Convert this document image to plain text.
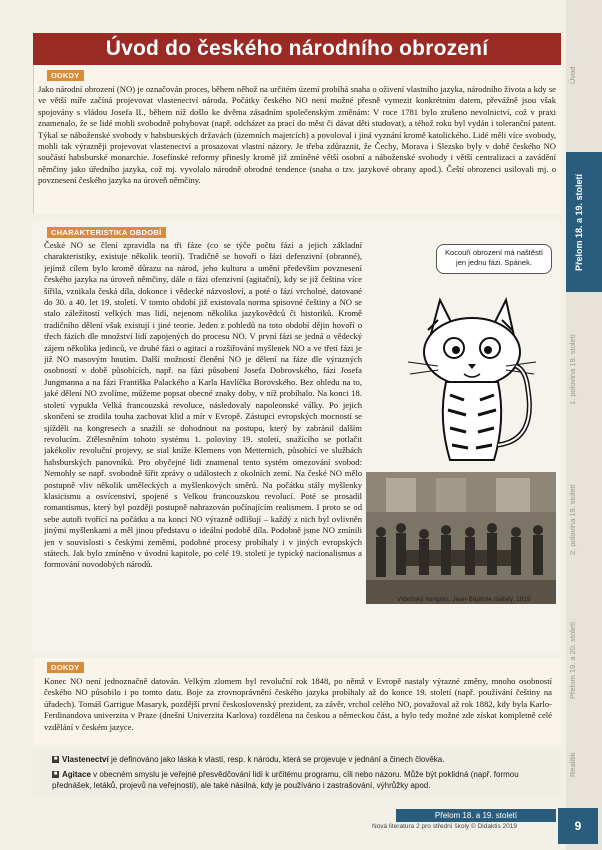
Úvod do českého národního obrození
ODKDY
Jako národní obrození (NO) je označován proces, během něhož na určitém území probíhá snaha o oživení vlastního jazyka, národního života a kdy se ve větší míře začíná projevovat vlastenectví národa. Počátky českého NO není možné přesně vymezit konkrétním datem, převážně jsou však spojovány s vládou Josefa II., během níž došlo ke dvěma zásadním společenským změnám: V roce 1781 bylo zrušeno nevolnictví, což v praxi znamenalo, že se lidé mohli svobodně pohybovat (např. odcházet za prací do měst či dávat děti studovat), a téhož roku byl vydán i toleranční patent. Týkal se náboženské svobody v habsburských državách (územních majetcích) a povoloval i jiná vyznání kromě katolického. Lidé měli více svobody, mohli tak výrazněji projevovat vlastenectví a prosazovat vlastní názory. Je třeba zdůraznit, že Čechy, Morava i Slezsko byly v době českého NO součástí habsburské monarchie. Josefínské reformy přinesly kromě již zmíněné větší osobní a náboženské svobody i větší centralizaci a zavádění němčiny jako úředního jazyka, což mj. vyvolalo národně obrodné tendence (snaha o tzv. jazykové obrany apod.). Čeští obrozenci usilovali mj. o povznesení českého jazyka na úroveň němčiny.
CHARAKTERISTIKA OBDOBÍ
České NO se člení zpravidla na tři fáze (co se týče počtu fází a jejich základní charakteristiky, existuje několik teorií). Tradičně se hovoří o fázi defenzivní (obranné), jejímž cílem bylo kromě důrazu na národ, jeho kulturu a umění především povznesení českého jazyka na úroveň němčiny, dále o fázi ofenzivní (agitační), kdy se již čeština více šířila, vznikala česká díla, dokonce i vědecké názvosloví, a poté o fázi vrcholné, datované do 30. a 40. let 19. století. V tomto období již existovala norma spisovné češtiny a NO se stalo záležitostí velkých mas lidí, nejenom několika jazykovědců či historiků. Kromě tradičního dělení však existují i jiné teorie. Jeden z pohledů na toto období dějin hovoří o třech fázích dle množství lidí zapojených do procesu NO. V první fázi se jedná o vědecký zájem několika jedinců, ve druhé fázi o agitaci a rozšiřování myšlenek NO a ve třetí fázi je již NO masovým hnutím. Další možností členění NO je dělení na fáze dle výrazných osobností v době působících, např. na fázi působení Josefa Dobrovského, fázi Josefa Jungmanna a na fázi Františka Palackého a Karla Havlíčka Borovského. Bez ohledu na to, jaké dělení NO zvolíme, můžeme popsat obecné znaky doby, v níž probíhalo. Na konci 18. století vypukla Velká francouzská revoluce, následovaly napoleonské války. Po jejich skončení se zrodila touha zachovat klid a mír v Evropě. Zástupci evropských mocností se sjížděli na kongresech a snažili se dohodnout na postupu, který by zabránil dalším revolucím. Ztělesněním tohoto systému 1. poloviny 19. století, snažícího se potlačit jakékoliv revoluční projevy, se stal kníže Klemens von Metternich, působící ve službách habsburských panovníků. Pro obyčejné lidi znamenal tento systém omezování svobod: Nemohly se např. svobodně šířit zprávy o událostech z okolních zemí. Na české NO mělo postupně vliv několik uměleckých a myšlenkových směrů. Na počátku stály myšlenky klasicismu a osvícenství, spojené s Velkou francouzskou revolucí. Poté se prosadil romantismus, který byl později postupně nahrazován počínajícím realismem. I proto se od sebe autoři tvořící na počátku a na konci NO výrazně odlišují – každý z nich byl ovlivněn jinými myšlenkami a měl jinou představu o ideální podobě díla. Podobně jsme NO zmínili jen v souvislosti s českými zeměmi, podobné procesy probíhaly i v jiných evropských státech. Jak bylo zmíněno v úvodní kapitole, po celé 19. století je typický nacionalismus a formování novodobých národů.
Kocouří obrození má naštěstí jen jednu fázi. Spánek.
Vídeňský kongres, Jean-Baptiste Isabey, 1819
DOKDY
Konec NO není jednoznačně datován. Velkým zlomem byl revoluční rok 1848, po němž v Evropě nastaly výrazné změny, mnoho osobností českého NO působilo i po tomto datu. Boje za zrovnoprávnění českého jazyka probíhaly až do konce 19. století (např. používání češtiny na úřadech). Tomáš Garrigue Masaryk, pozdější první československý prezident, za závěr, vrchol celého NO, považoval až rok 1882, kdy byla Karlo-Ferdinandova univerzita v Praze (dnešní Univerzita Karlova) rozdělena na českou a německou část, a bylo tedy možné zde získat kompletně celé vzdělání v českém jazyce.
■ Vlastenectví je definováno jako láska k vlasti, resp. k národu, která se projevuje v jednání a činech člověka.
■ Agitace v obecném smyslu je veřejné přesvědčování lidí k určitému programu, cíli nebo názoru. Může být poklidná (např. formou přednášek, letáků, projevů na veřejnosti), ale také násilná, kdy je používáno i zastrašování, výhrůžky apod.
Úvod
Přelom 18. a 19. století
1. polovina 19. století
2. polovina 19. století
Přelom 19. a 20. století
Realitik
Přelom 18. a 19. století
Nová literatura 2 pro střední školy © Didaktis 2019	9
